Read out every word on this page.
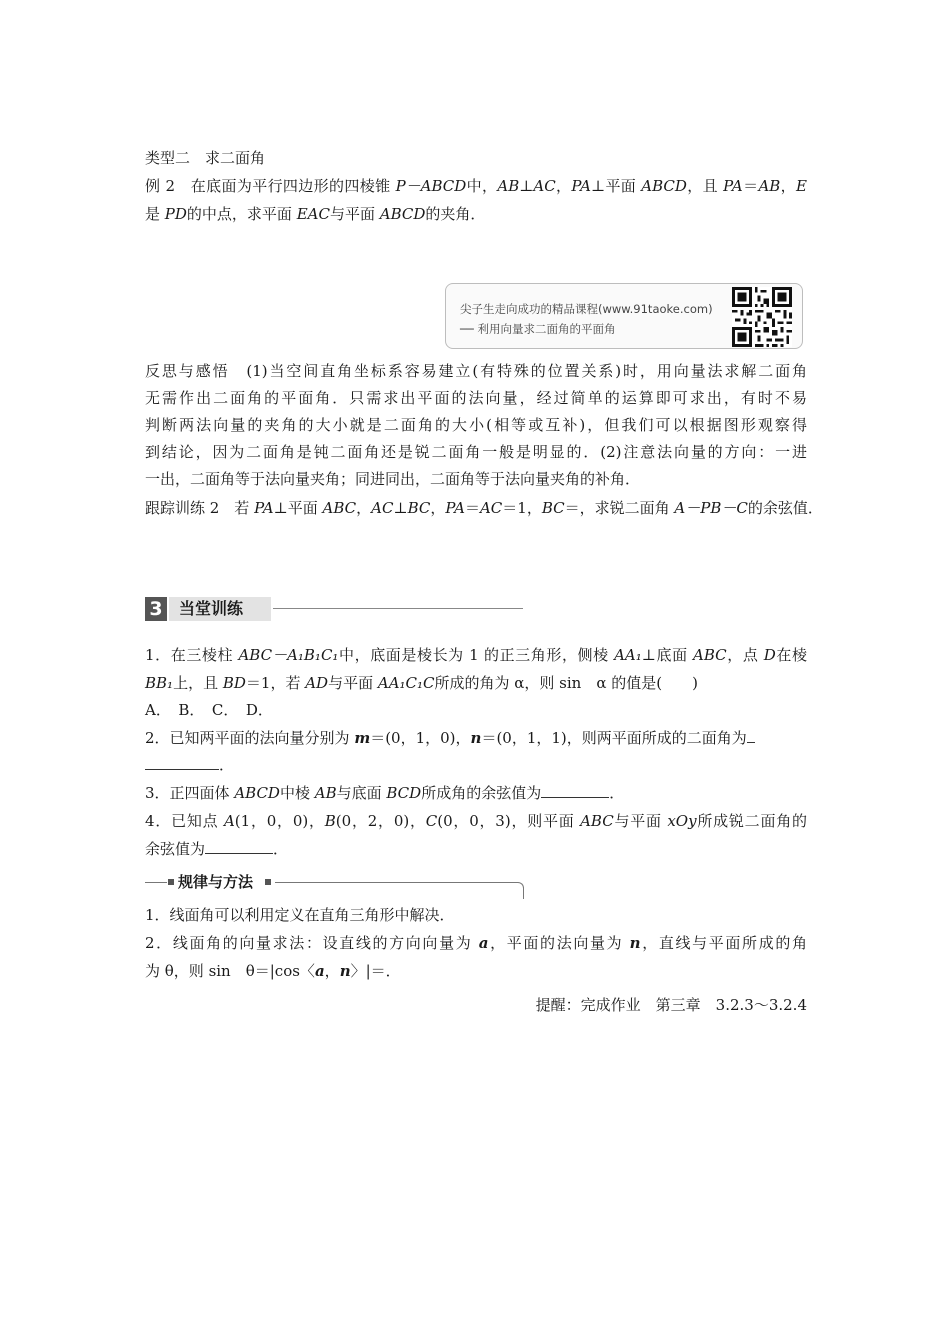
类型二　求二面角
例 2　 在底面为平行四边形的四棱锥 P－ABCD中，AB⊥AC，PA⊥平面 ABCD，且 PA＝AB，E
是 PD的中点，求平面 EAC与平面 ABCD的夹角．
尖子生走向成功的精品课程(www.91taoke.com)
── 利用向量求二面角的平面角
反思与感悟　(1)当空间直角坐标系容易建立(有特殊的位置关系)时，用向量法求解二面角
无需作出二面角的平面角．只需求出平面的法向量，经过简单的运算即可求出，有时不易
判断两法向量的夹角的大小就是二面角的大小(相等或互补)，但我们可以根据图形观察得
到结论，因为二面角是钝二面角还是锐二面角一般是明显的．(2)注意法向量的方向：一进
一出，二面角等于法向量夹角；同进同出，二面角等于法向量夹角的补角．
跟踪训练 2　若 PA⊥平面 ABC，AC⊥BC，PA＝AC＝1，BC＝，求锐二面角 A－PB－C的余弦值．
3	当堂训练
1．在三棱柱 ABC－A₁B₁C₁中，底面是棱长为 1 的正三角形，侧棱 AA₁⊥底面 ABC，点 D在棱
BB₁上，且 BD＝1，若 AD与平面 AA₁C₁C所成的角为 α，则 sin　α 的值是(　　)
A．　B．　C．　D．
2．已知两平面的法向量分别为 m＝(0，1，0)，n＝(0，1，1)，则两平面所成的二面角为
．
3．正四面体 ABCD中棱 AB与底面 BCD所成角的余弦值为	．
4．已知点 A(1，0，0)，B(0，2，0)，C(0，0，3)，则平面 ABC与平面 xOy所成锐二面角的
余弦值为	．
规律与方法
1．线面角可以利用定义在直角三角形中解决．
2．线面角的向量求法：设直线的方向向量为 a，平面的法向量为 n，直线与平面所成的角
为 θ，则 sin　θ＝|cos〈a，n〉|＝．
提醒：完成作业　第三章　3.2.3～3.2.4
